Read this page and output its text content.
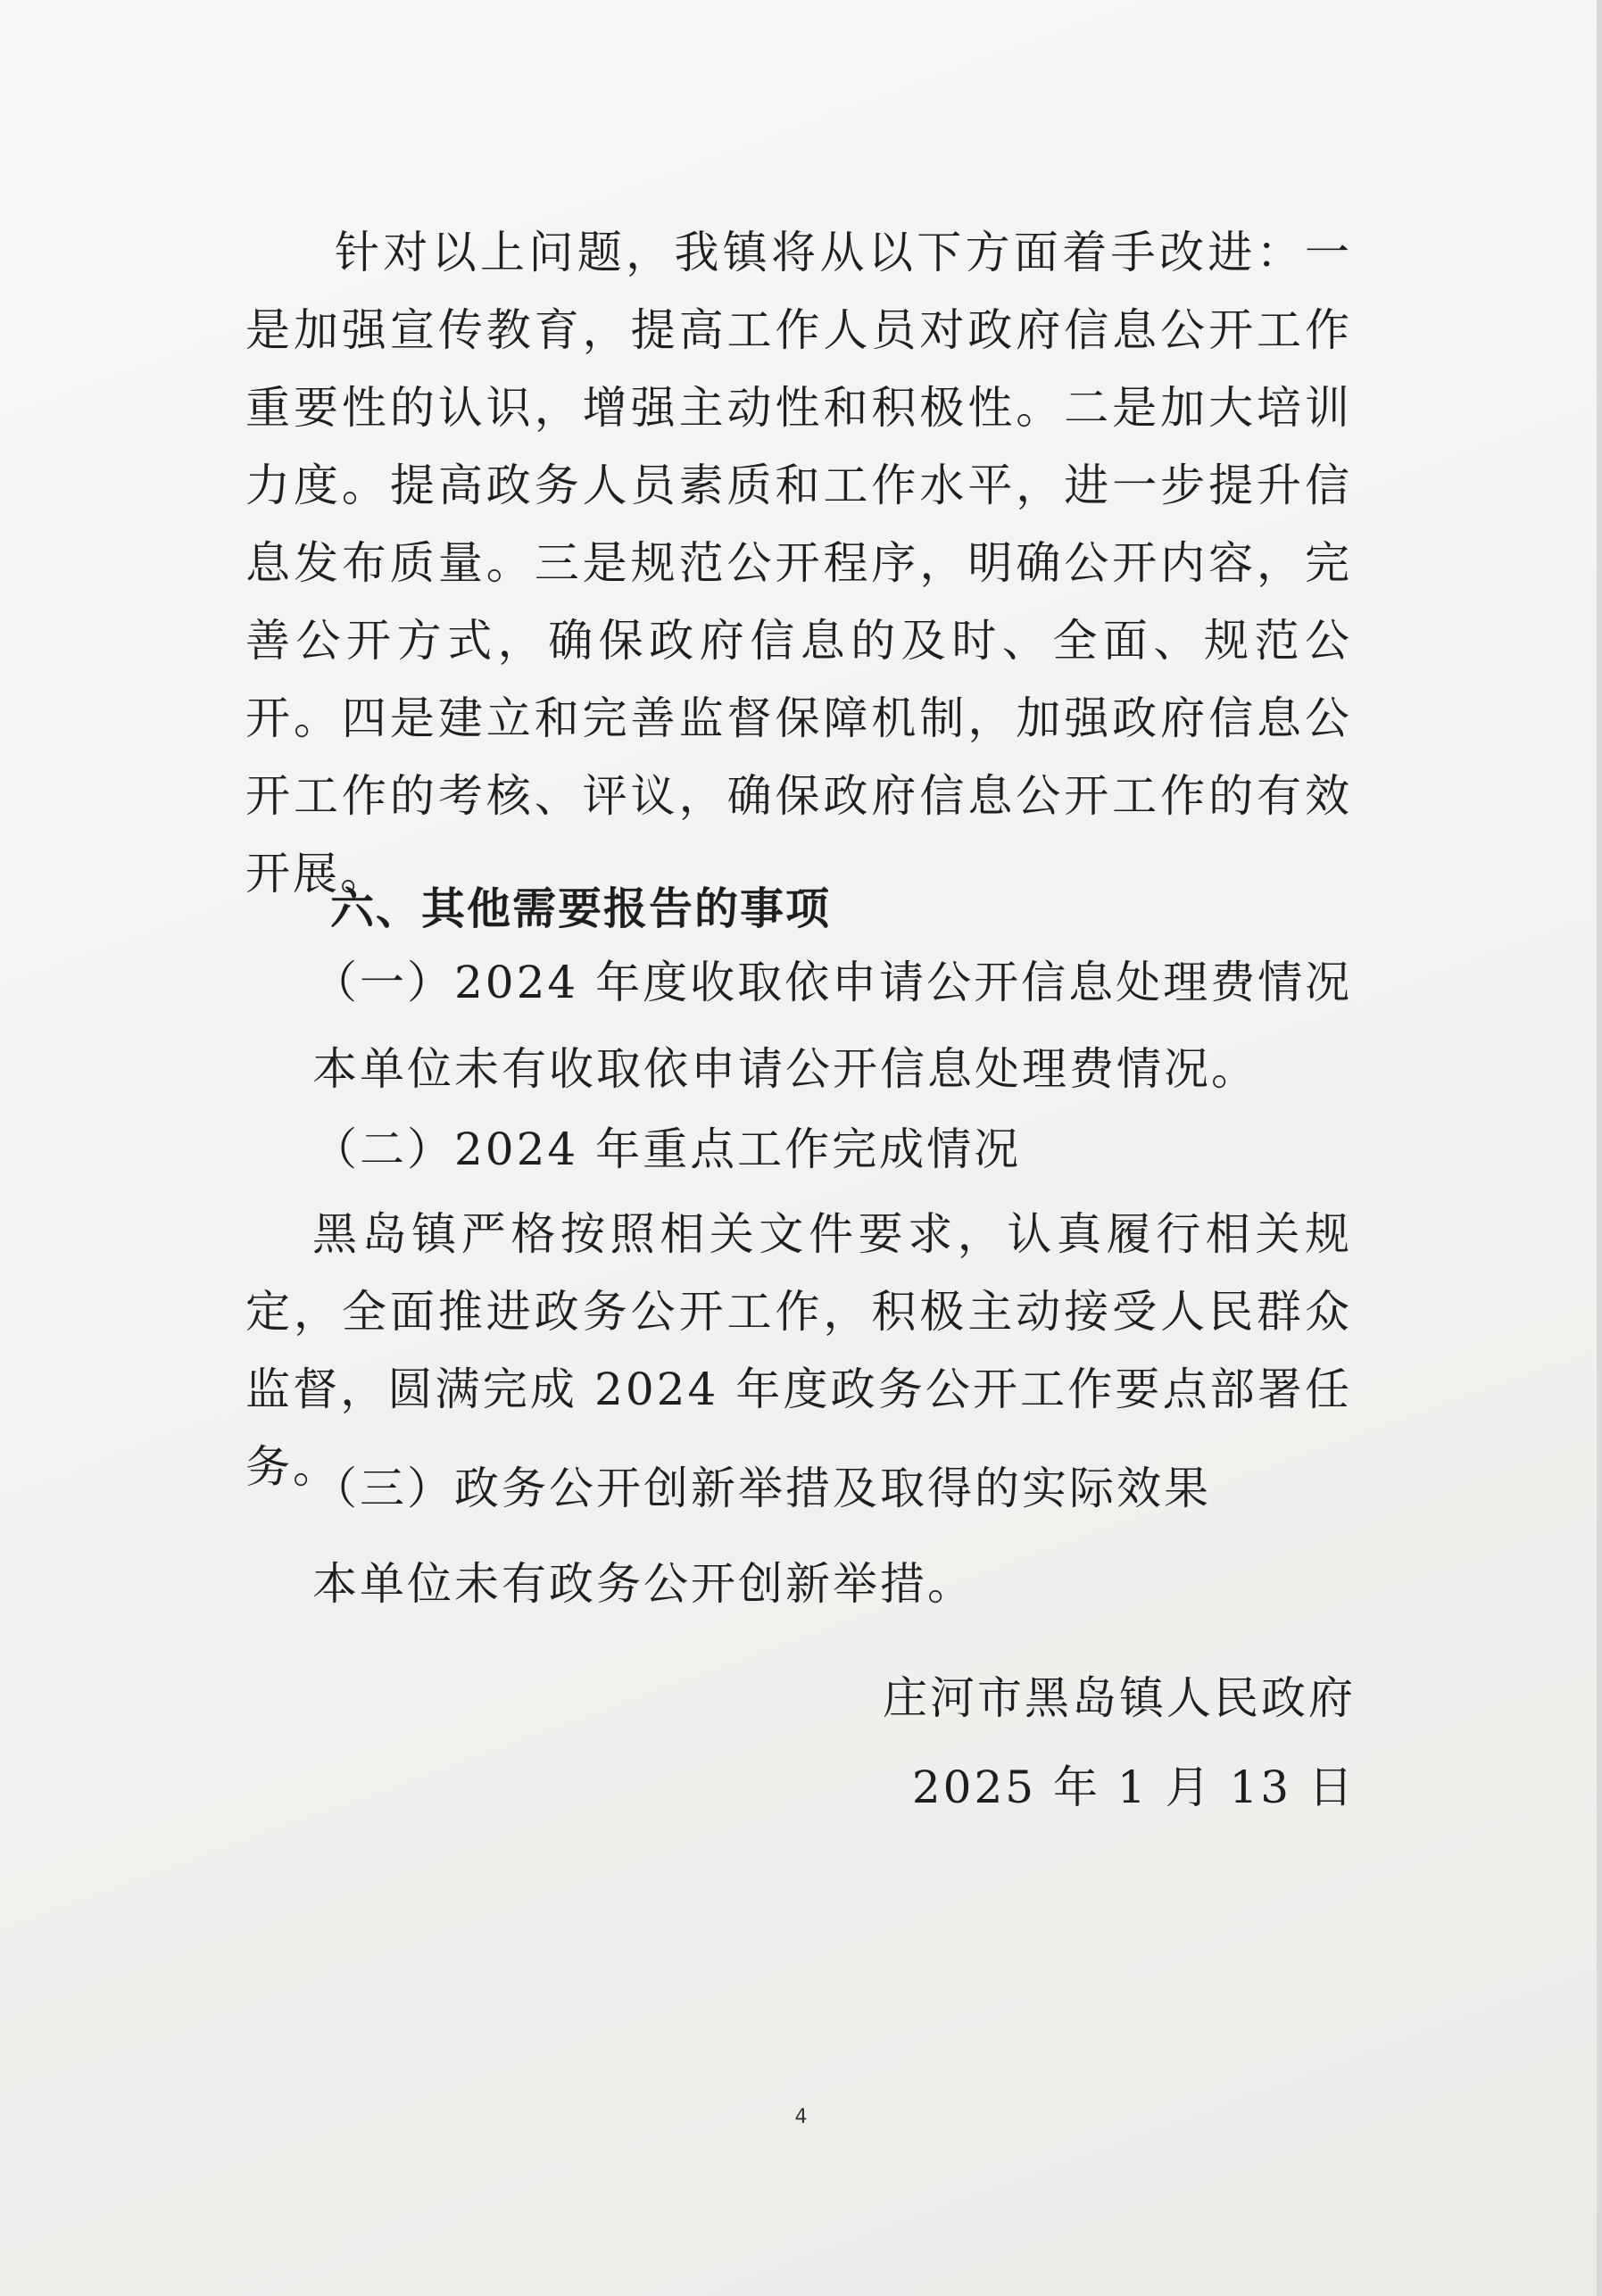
针对以上问题，我镇将从以下方面着手改进：一是加强宣传教育，提高工作人员对政府信息公开工作重要性的认识，增强主动性和积极性。二是加大培训力度。提高政务人员素质和工作水平，进一步提升信息发布质量。三是规范公开程序，明确公开内容，完善公开方式，确保政府信息的及时、全面、规范公开。四是建立和完善监督保障机制，加强政府信息公开工作的考核、评议，确保政府信息公开工作的有效开展。

六、其他需要报告的事项

（一）2024 年度收取依申请公开信息处理费情况

本单位未有收取依申请公开信息处理费情况。

（二）2024 年重点工作完成情况

黑岛镇严格按照相关文件要求，认真履行相关规定，全面推进政务公开工作，积极主动接受人民群众监督，圆满完成 2024 年度政务公开工作要点部署任务。

（三）政务公开创新举措及取得的实际效果

本单位未有政务公开创新举措。

庄河市黑岛镇人民政府

2025 年 1 月 13 日

4
